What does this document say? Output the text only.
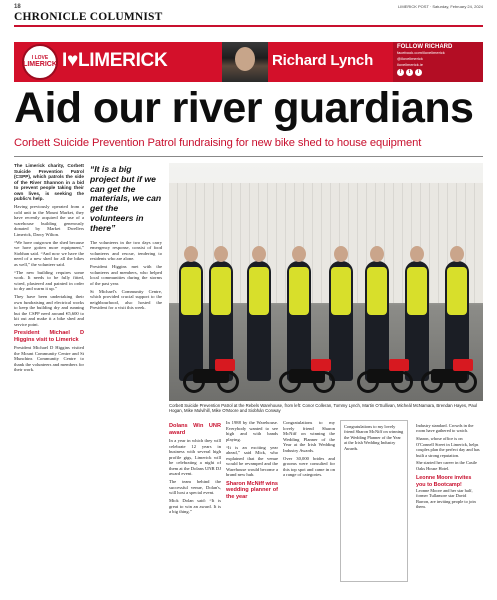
18	LIMERICK POST · Saturday, February 24, 2024
CHRONICLE COLUMNIST
I LOVE
LIMERICK I♥LIMERICK	Richard Lynch
FOLLOW RICHARD
facebook.com/ilovelimerick
@ilovelimerick
ilovelimerick.ie
f	t	i
Aid our river guardians
Corbett Suicide Prevention Patrol fundraising for new bike shed to house equipment

The Limerick charity, Corbett Suicide Prevention Patrol (CSPP), which patrols the side of the River Shannon in a bid to prevent people taking their own lives, is seeking the public’s help.

Having previously operated from a cold unit in the Mount Market, they have recently acquired the use of a warehouse building generously donated by Market Dwellers Limerick, Darcy Wilton.

“We have outgrown the shed because we have gotten more equipment,” Siobhan said. “And now we have the need of a new shed for all the bikes as well,” the volunteer said.

“The new building requires some work. It needs to be fully fitted, wired, plastered and painted in order to dry and warm it up.”

They have been undertaking their own fundraising and electrical works to keep the building dry and running but the CSPP need around €5,600 to kit out and make it a bike shed and service point.

President Michael D Higgins visit to Limerick

President Michael D Higgins visited the Mount Community Centre and St Munchins Community Centre to thank the volunteers and members for their work.

“It is a big project but if we can get the materials, we can get the volunteers in there”

The volunteers in the two days carry emergency response, consist of food volunteers and rescue, tendering to residents who are alone.

President Higgins met with the volunteers and members, who helped local communities during the storms of the past year.

St Michael's Community Centre, which provided crucial support to the neighbourhood, also hosted the President for a visit this week.

Corbett Suicide Prevention Patrol at the Rebels Warehouse, from left: Conor Colleran, Tommy Lynch, Martin O'Sullivan, Micheál McNamara, Brendan Hayes, Paul Hogan, Mike Mulvihill, Mike O'Moore and Siobhán Conway
Dolans Win UNR award

In a year in which they will celebrate 12 years in business with several high profile gigs, Limerick will be celebrating a night of them at the Dolans UNR DJ award event.

The team behind the successful venue, Dolan's, will host a special event.

Mick Dolan said: “It is great to win an award. It is a big thing.”

In 1988 by the Warehouse. Everybody wanted to see high and with bands playing.

“It is an exciting year ahead,” said Mick, who explained that the venue would be revamped and the Warehouse would become a brand new hub.

Sharon McNiff wins wedding planner of the year

Congratulations to my lovely friend Sharon McNiff on winning the Wedding Planner of the Year at the Irish Wedding Industry Awards.

Over 30,000 brides and grooms were consulted for this top spot and came in on a range of categories.

Industry standard. Crowds in the room have gathered to watch.

Sharon, whose office is on O'Connell Street in Limerick, helps couples plan the perfect day and has built a strong reputation.

She started her career in the Castle Oaks House Hotel.

Leonne Moore invites you to Bootcamp!

Leonne Moore and her star half, former Tullamore star David Barron, are inviting people to join them.

Congratulations to my lovely friend Sharon McNiff on winning the Wedding Planner of the Year at the Irish Wedding Industry Awards.
